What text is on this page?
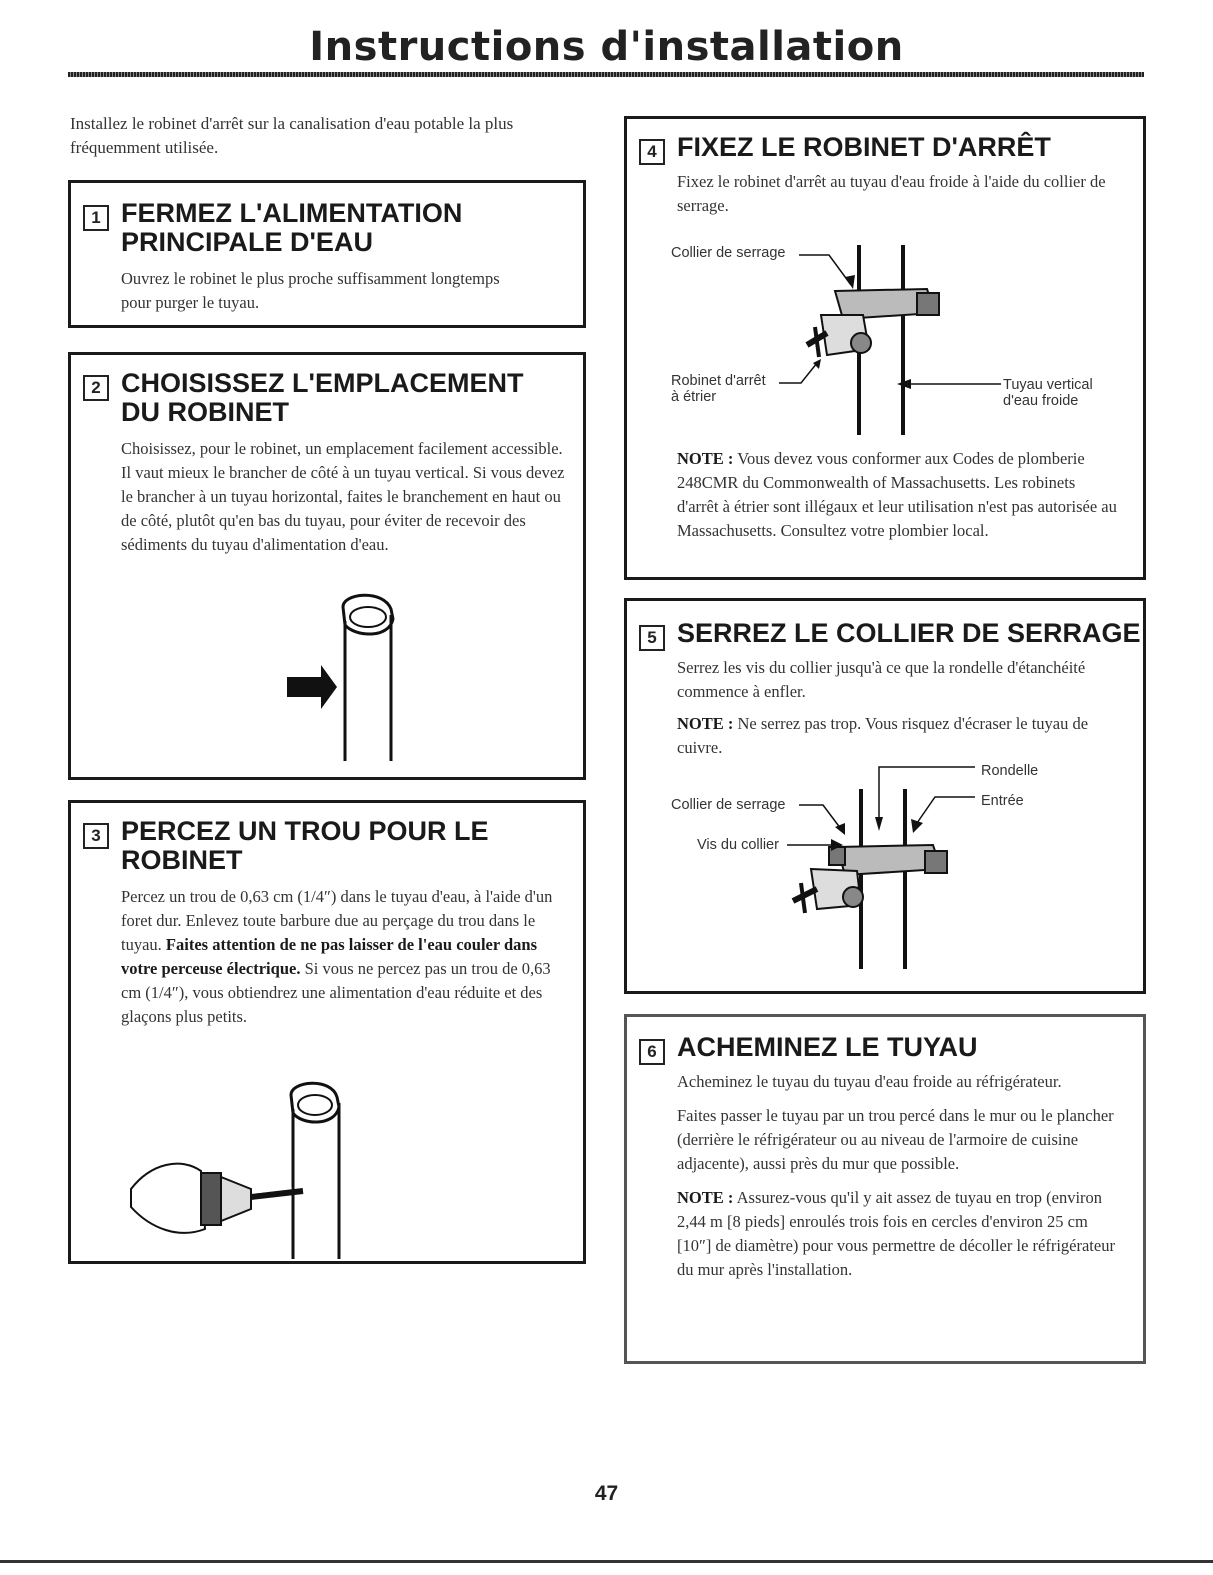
Instructions d'installation
Installez le robinet d'arrêt sur la canalisation d'eau potable la plus fréquemment utilisée.
1 FERMEZ L'ALIMENTATION
PRINCIPALE D'EAU

Ouvrez le robinet le plus proche suffisamment longtemps pour purger le tuyau.

2 CHOISISSEZ L'EMPLACEMENT
DU ROBINET

Choisissez, pour le robinet, un emplacement facilement accessible. Il vaut mieux le brancher de côté à un tuyau vertical. Si vous devez le brancher à un tuyau horizontal, faites le branchement en haut ou de côté, plutôt qu'en bas du tuyau, pour éviter de recevoir des sédiments du tuyau d'alimentation d'eau.

3 PERCEZ UN TROU POUR LE
ROBINET

Percez un trou de 0,63 cm (1/4″) dans le tuyau d'eau, à l'aide d'un foret dur. Enlevez toute barbure due au perçage du trou dans le tuyau. Faites attention de ne pas laisser de l'eau couler dans votre perceuse électrique. Si vous ne percez pas un trou de 0,63 cm (1/4″), vous obtiendrez une alimentation d'eau réduite et des glaçons plus petits.

4 FIXEZ LE ROBINET D'ARRÊT

Fixez le robinet d'arrêt au tuyau d'eau froide à l'aide du collier de serrage.

Collier de serrage
Robinet d'arrêt
à étrier
Tuyau vertical
d'eau froide

NOTE : Vous devez vous conformer aux Codes de plomberie 248CMR du Commonwealth of Massachusetts. Les robinets d'arrêt à étrier sont illégaux et leur utilisation n'est pas autorisée au Massachusetts. Consultez votre plombier local.

5 SERREZ LE COLLIER DE SERRAGE

Serrez les vis du collier jusqu'à ce que la rondelle d'étanchéité commence à enfler.

NOTE : Ne serrez pas trop. Vous risquez d'écraser le tuyau de cuivre.

Rondelle
Entrée
Collier de serrage
Vis du collier
6 ACHEMINEZ LE TUYAU

Acheminez le tuyau du tuyau d'eau froide au réfrigérateur.

Faites passer le tuyau par un trou percé dans le mur ou le plancher (derrière le réfrigérateur ou au niveau de l'armoire de cuisine adjacente), aussi près du mur que possible.

NOTE : Assurez-vous qu'il y ait assez de tuyau en trop (environ 2,44 m [8 pieds] enroulés trois fois en cercles d'environ 25 cm [10″] de diamètre) pour vous permettre de décoller le réfrigérateur du mur après l'installation.

47
